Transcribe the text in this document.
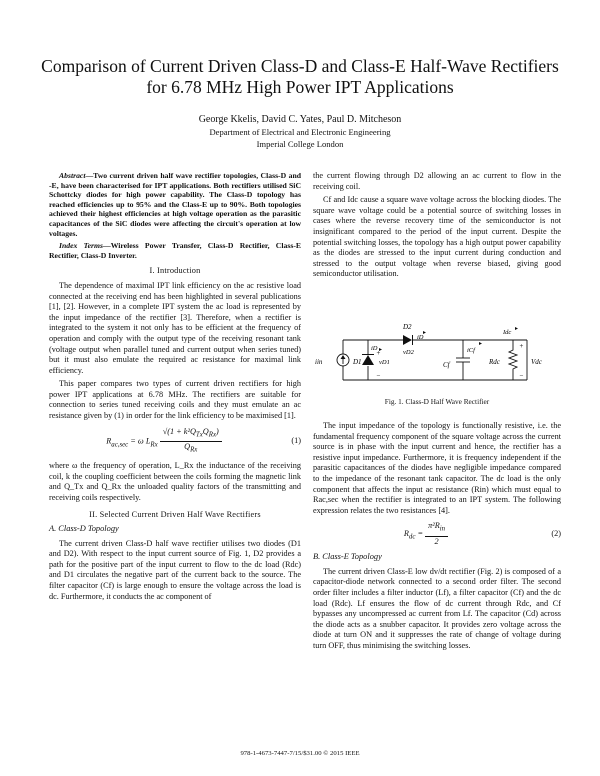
Comparison of Current Driven Class-D and Class-E Half-Wave Rectifiers
for 6.78 MHz High Power IPT Applications
George Kkelis, David C. Yates, Paul D. Mitcheson
Department of Electrical and Electronic Engineering
Imperial College London

Abstract—Two current driven half wave rectifier topologies, Class-D and -E, have been characterised for IPT applications. Both rectifiers utilised SiC Schottcky diodes for high power capability. The Class-D topology has reached efficiencies up to 95% and the Class-E up to 90%. Both topologies achieved their highest efficiencies at high voltage operation as the parasitic capacitances of the SiC diodes were affecting the circuit's operation at low voltages.

Index Terms—Wireless Power Transfer, Class-D Rectifier, Class-E Rectifier, Class-D Inverter.

I. Introduction

The dependence of maximal IPT link efficiency on the ac resistive load connected at the receiving end has been highlighted in several publications [1], [2]. However, in a complete IPT system the ac load is represented by the input impedance of the rectifier [3]. Therefore, when a rectifier is integrated to the system it not only has to be efficient at the frequency of operation and comply with the output type of the receiving resonant tank (voltage output when parallel tuned and current output when series tuned) but it must also emulate the required ac resistance for maximal link efficiency.

This paper compares two types of current driven rectifiers for high power IPT applications at 6.78 MHz. The rectifiers are suitable for connection to series tuned receiving coils and they must emulate an ac resistance given by (1) in order for the link efficiency to be maximised [1].

$R_{ac,sec} = \omega$ $L_{Rx} \frac{√(1 + k^2Q_{Tx}Q_{Rx})}{Q_{Rx}}$	(1)

where ω the frequency of operation, L_Rx the inductance of the receiving coil, k the coupling coefficient between the coils forming the magnetic link and Q_Tx and Q_Rx the unloaded quality factors of the transmitting and receiving coils respectively.

II. Selected Current Driven Half Wave Rectifiers
A. Class-D Topology

The current driven Class-D half wave rectifier utilises two diodes (D1 and D2). With respect to the input current source of Fig. 1, D2 provides a path for the positive part of the input current to flow to the dc load (Rdc) and D1 circulates the negative part of the current back to the source. The filter capacitor (Cf) is large enough to ensure the voltage across the load is dc. Furthermore, it conducts the ac component of

the current flowing through D2 allowing an ac current to flow in the receiving coil.

Cf and Idc cause a square wave voltage across the blocking diodes. The square wave voltage could be a potential source of switching losses in cases where the reverse recovery time of the semiconductor is not insignificant compared to the period of the input current. Despite the potential switching losses, the topology has a high output power capability as the diodes are stressed to the input current during conduction and stressed to the output voltage when reverse biased, giving good semiconductor utilisation.

iin	D1
D2
iD
vD1
vD2
iD
iCf
Cf
Idc
Rdc	Vdc
+
−
+
−
Fig. 1. Class-D Half Wave Rectifier

The input impedance of the topology is functionally resistive, i.e. the fundamental frequency component of the square voltage across the current source is in phase with the input current and hence, the rectifier has a resistive input impedance. Furthermore, it is frequency independent if the parasitic capacitances of the diodes have negligible impedance compared to the impedance of the resonant tank capacitor. The dc load is the only component that affects the input ac resistance (Rin) which must equal to Rac,sec when the rectifier is integrated to an IPT system. The following expression relates the two resistances [4].

$R_{dc} = \frac{\pi^2R_{in}}{2}$	(2)
B. Class-E Topology

The current driven Class-E low dv/dt rectifier (Fig. 2) is composed of a capacitor-diode network connected to a second order filter. The second order filter includes a filter inductor (Lf), a filter capacitor (Cf) and the dc load (Rdc). Lf ensures the flow of dc current through Rdc, and Cf bypasses any uncompressed ac current from Lf. The capacitor (Cd) across the diode acts as a snubber capacitor. It provides zero voltage across the diode at turn ON and it suppresses the rate of change of voltage during turn OFF, thus minimising the switching losses.

978-1-4673-7447-7/15/$31.00 © 2015 IEEE
